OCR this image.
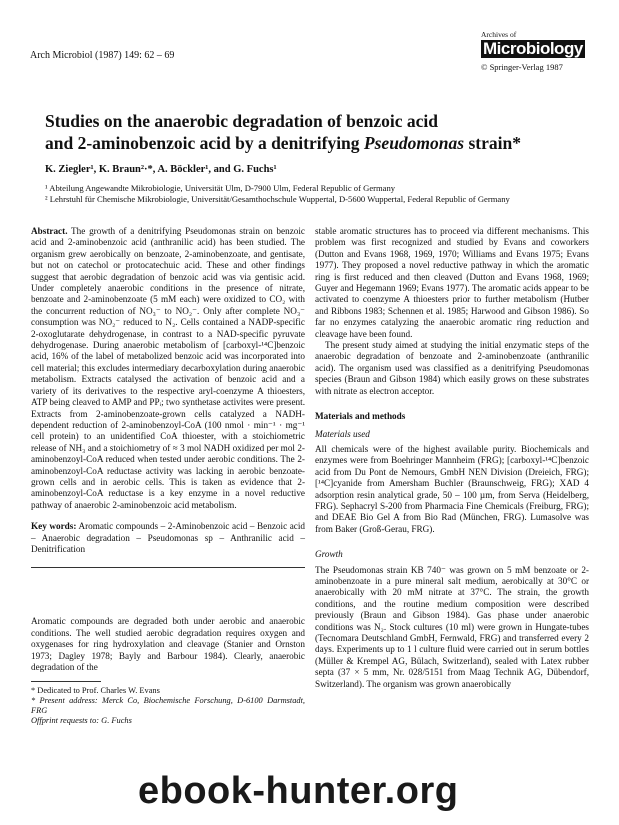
Arch Microbiol (1987) 149: 62 – 69
Archives of
Microbiology
© Springer-Verlag 1987
Studies on the anaerobic degradation of benzoic acid
and 2-aminobenzoic acid by a denitrifying Pseudomonas strain*
K. Ziegler¹, K. Braun²·*, A. Böckler¹, and G. Fuchs¹
¹ Abteilung Angewandte Mikrobiologie, Universität Ulm, D-7900 Ulm, Federal Republic of Germany
² Lehrstuhl für Chemische Mikrobiologie, Universität/Gesamthochschule Wuppertal, D-5600 Wuppertal, Federal Republic of Germany

Abstract. The growth of a denitrifying Pseudomonas strain on benzoic acid and 2-aminobenzoic acid (anthranilic acid) has been studied. The organism grew aerobically on benzoate, 2-aminobenzoate, and gentisate, but not on catechol or protocatechuic acid. These and other findings suggest that aerobic degradation of benzoic acid was via gentisic acid. Under completely anaerobic conditions in the presence of nitrate, benzoate and 2-aminobenzoate (5 mM each) were oxidized to CO₂ with the concurrent reduction of NO₃⁻ to NO₂⁻. Only after complete NO₃⁻ consumption was NO₂⁻ reduced to N₂. Cells contained a NADP-specific 2-oxoglutarate dehydrogenase, in contrast to a NAD-specific pyruvate dehydrogenase. During anaerobic metabolism of [carboxyl-¹⁴C]benzoic acid, 16% of the label of metabolized benzoic acid was incorporated into cell material; this excludes intermediary decarboxylation during anaerobic metabolism. Extracts catalysed the activation of benzoic acid and a variety of its derivatives to the respective aryl-coenzyme A thioesters, ATP being cleaved to AMP and PPᵢ; two synthetase activites were present. Extracts from 2-aminobenzoate-grown cells catalyzed a NADH-dependent reduction of 2-aminobenzoyl-CoA (100 nmol · min⁻¹ · mg⁻¹ cell protein) to an unidentified CoA thioester, with a stoichiometric release of NH₃ and a stoichiometry of ≈ 3 mol NADH oxidized per mol 2-aminobenzoyl-CoA reduced when tested under aerobic conditions. The 2-aminobenzoyl-CoA reductase activity was lacking in aerobic benzoate-grown cells and in aerobic cells. This is taken as evidence that 2-aminobenzoyl-CoA reductase is a key enzyme in a novel reductive pathway of anaerobic 2-aminobenzoic acid metabolism.

Key words: Aromatic compounds – 2-Aminobenzoic acid – Benzoic acid – Anaerobic degradation – Pseudomonas sp – Anthranilic acid – Denitrification

Aromatic compounds are degraded both under aerobic and anaerobic conditions. The well studied aerobic degradation requires oxygen and oxygenases for ring hydroxylation and cleavage (Stanier and Ornston 1973; Dagley 1978; Bayly and Barbour 1984). Clearly, anaerobic degradation of the

* Dedicated to Prof. Charles W. Evans
* Present address: Merck Co, Biochemische Forschung, D-6100 Darmstadt, FRG
Offprint requests to: G. Fuchs

stable aromatic structures has to proceed via different mechanisms. This problem was first recognized and studied by Evans and coworkers (Dutton and Evans 1968, 1969, 1970; Williams and Evans 1975; Evans 1977). They proposed a novel reductive pathway in which the aromatic ring is first reduced and then cleaved (Dutton and Evans 1968, 1969; Guyer and Hegemann 1969; Evans 1977). The aromatic acids appear to be activated to coenzyme A thioesters prior to further metabolism (Hutber and Ribbons 1983; Schennen et al. 1985; Harwood and Gibson 1986). So far no enzymes catalyzing the anaerobic aromatic ring reduction and cleavage have been found.

The present study aimed at studying the initial enzymatic steps of the anaerobic degradation of benzoate and 2-aminobenzoate (anthranilic acid). The organism used was classified as a denitrifying Pseudomonas species (Braun and Gibson 1984) which easily grows on these substrates with nitrate as electron acceptor.

Materials and methods
Materials used

All chemicals were of the highest available purity. Biochemicals and enzymes were from Boehringer Mannheim (FRG); [carboxyl-¹⁴C]benzoic acid from Du Pont de Nemours, GmbH NEN Division (Dreieich, FRG); [¹⁴C]cyanide from Amersham Buchler (Braunschweig, FRG); XAD 4 adsorption resin analytical grade, 50 – 100 µm, from Serva (Heidelberg, FRG). Sephacryl S-200 from Pharmacia Fine Chemicals (Freiburg, FRG); and DEAE Bio Gel A from Bio Rad (München, FRG). Lumasolve was from Baker (Groß-Gerau, FRG).

Growth

The Pseudomonas strain KB 740⁻ was grown on 5 mM benzoate or 2-aminobenzoate in a pure mineral salt medium, aerobically at 30°C or anaerobically with 20 mM nitrate at 37°C. The strain, the growth conditions, and the routine medium composition were described previously (Braun and Gibson 1984). Gas phase under anaerobic conditions was N₂. Stock cultures (10 ml) were grown in Hungate-tubes (Tecnomara Deutschland GmbH, Fernwald, FRG) and transferred every 2 days. Experiments up to 1 l culture fluid were carried out in serum bottles (Müller & Krempel AG, Bülach, Switzerland), sealed with Latex rubber septa (37 × 5 mm, Nr. 028/5151 from Maag Technik AG, Dübendorf, Switzerland). The organism was grown anaerobically

ebook-hunter.org
